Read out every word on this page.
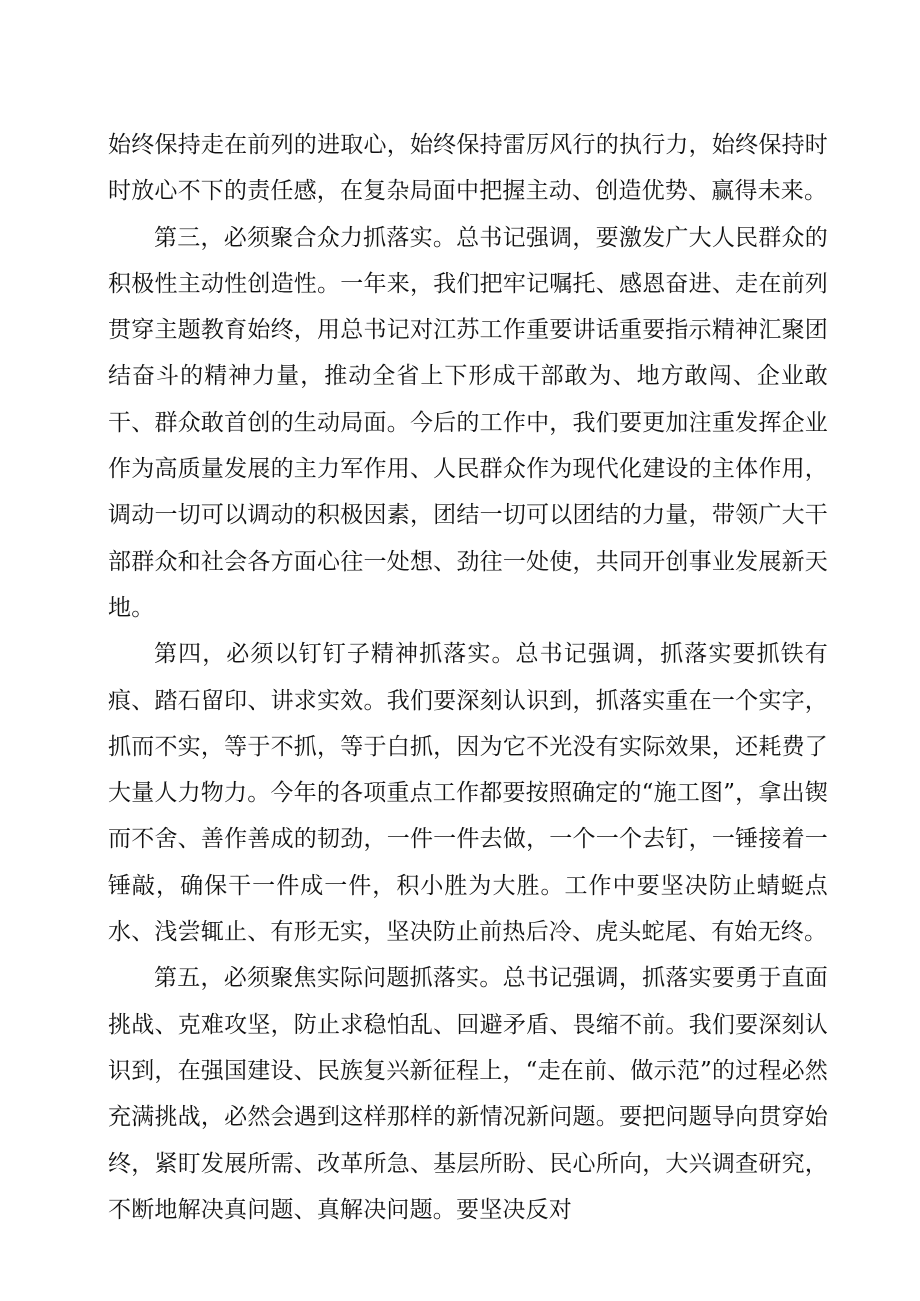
始终保持走在前列的进取心，始终保持雷厉风行的执行力，始终保持时时放心不下的责任感，在复杂局面中把握主动、创造优势、赢得未来。

第三，必须聚合众力抓落实。总书记强调，要激发广大人民群众的积极性主动性创造性。一年来，我们把牢记嘱托、感恩奋进、走在前列贯穿主题教育始终，用总书记对江苏工作重要讲话重要指示精神汇聚团结奋斗的精神力量，推动全省上下形成干部敢为、地方敢闯、企业敢干、群众敢首创的生动局面。今后的工作中，我们要更加注重发挥企业作为高质量发展的主力军作用、人民群众作为现代化建设的主体作用，调动一切可以调动的积极因素，团结一切可以团结的力量，带领广大干部群众和社会各方面心往一处想、劲往一处使，共同开创事业发展新天地。

第四，必须以钉钉子精神抓落实。总书记强调，抓落实要抓铁有痕、踏石留印、讲求实效。我们要深刻认识到，抓落实重在一个实字，抓而不实，等于不抓，等于白抓，因为它不光没有实际效果，还耗费了大量人力物力。今年的各项重点工作都要按照确定的“施工图”，拿出锲而不舍、善作善成的韧劲，一件一件去做，一个一个去钉，一锤接着一锤敲，确保干一件成一件，积小胜为大胜。工作中要坚决防止蜻蜓点水、浅尝辄止、有形无实，坚决防止前热后冷、虎头蛇尾、有始无终。

第五，必须聚焦实际问题抓落实。总书记强调，抓落实要勇于直面挑战、克难攻坚，防止求稳怕乱、回避矛盾、畏缩不前。我们要深刻认识到，在强国建设、民族复兴新征程上，“走在前、做示范”的过程必然充满挑战，必然会遇到这样那样的新情况新问题。要把问题导向贯穿始终，紧盯发展所需、改革所急、基层所盼、民心所向，大兴调查研究，不断地解决真问题、真解决问题。要坚决反对
